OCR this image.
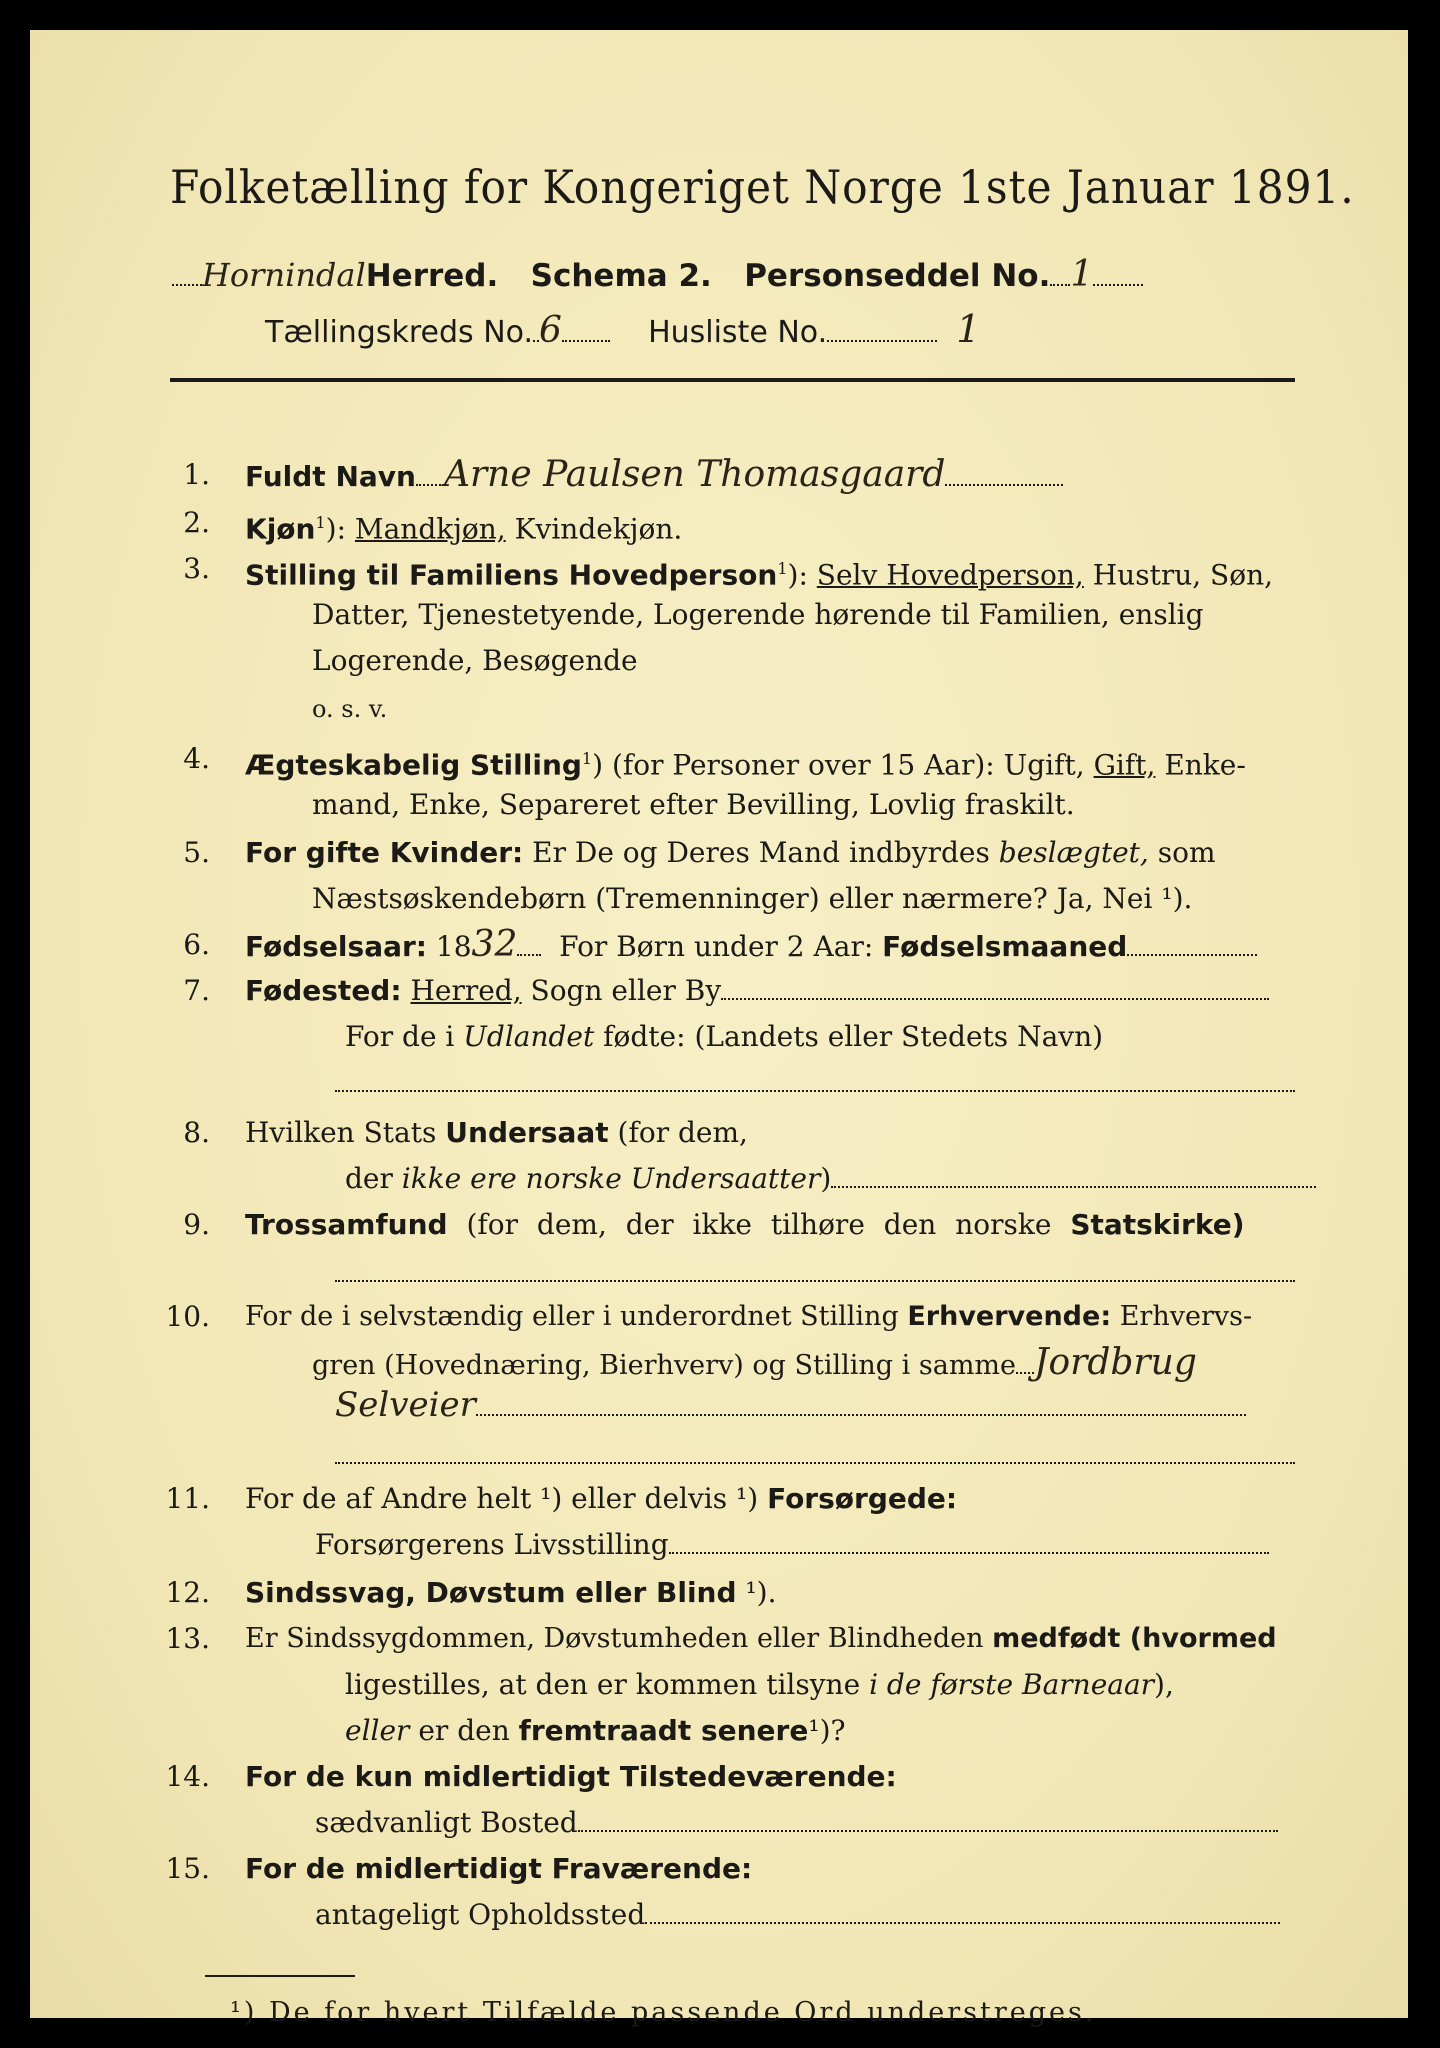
Folketælling for Kongeriget Norge 1ste Januar 1891.
HornindalHerred. Schema 2. Personseddel No. 1
Tællingskreds No. 6	Husliste No.	1
1. Fuldt Navn Arne Paulsen Thomasgaard
2. Kjøn$^1$): Mandkjøn, Kvindekjøn.
3. Stilling til Familiens Hovedperson$^1$): Selv Hovedperson, Hustru, Søn,
Datter, Tjenestetyende, Logerende hørende til Familien, enslig
Logerende, Besøgende
o. s. v.
4. Ægteskabelig Stilling$^1$) (for Personer over 15 Aar): Ugift, Gift, Enke-
mand, Enke, Separeret efter Bevilling, Lovlig fraskilt.
5. For gifte Kvinder: Er De og Deres Mand indbyrdes beslægtet, som
Næstsøskendebørn (Tremenninger) eller nærmere? Ja, Nei ¹).
6. Fødselsaar: 1832 For Børn under 2 Aar: Fødselsmaaned
7. Fødested: Herred, Sogn eller By
For de i Udlandet fødte: (Landets eller Stedets Navn)
8. Hvilken Stats Undersaat (for dem,
der ikke ere norske Undersaatter)
9. Trossamfund (for dem, der ikke tilhøre den norske Statskirke)
10. For de i selvstændig eller i underordnet Stilling Erhvervende: Erhvervs-
gren (Hovednæring, Bierhverv) og Stilling i samme Jordbrug
Selveier
11. For de af Andre helt ¹) eller delvis ¹) Forsørgede:
Forsørgerens Livsstilling
12. Sindssvag, Døvstum eller Blind ¹).
13. Er Sindssygdommen, Døvstumheden eller Blindheden medfødt (hvormed
ligestilles, at den er kommen tilsyne i de første Barneaar),
eller er den fremtraadt senere¹)?
14. For de kun midlertidigt Tilstedeværende:
sædvanligt Bosted
15. For de midlertidigt Fraværende:
antageligt Opholdssted
¹) De for hvert Tilfælde passende Ord understreges.
